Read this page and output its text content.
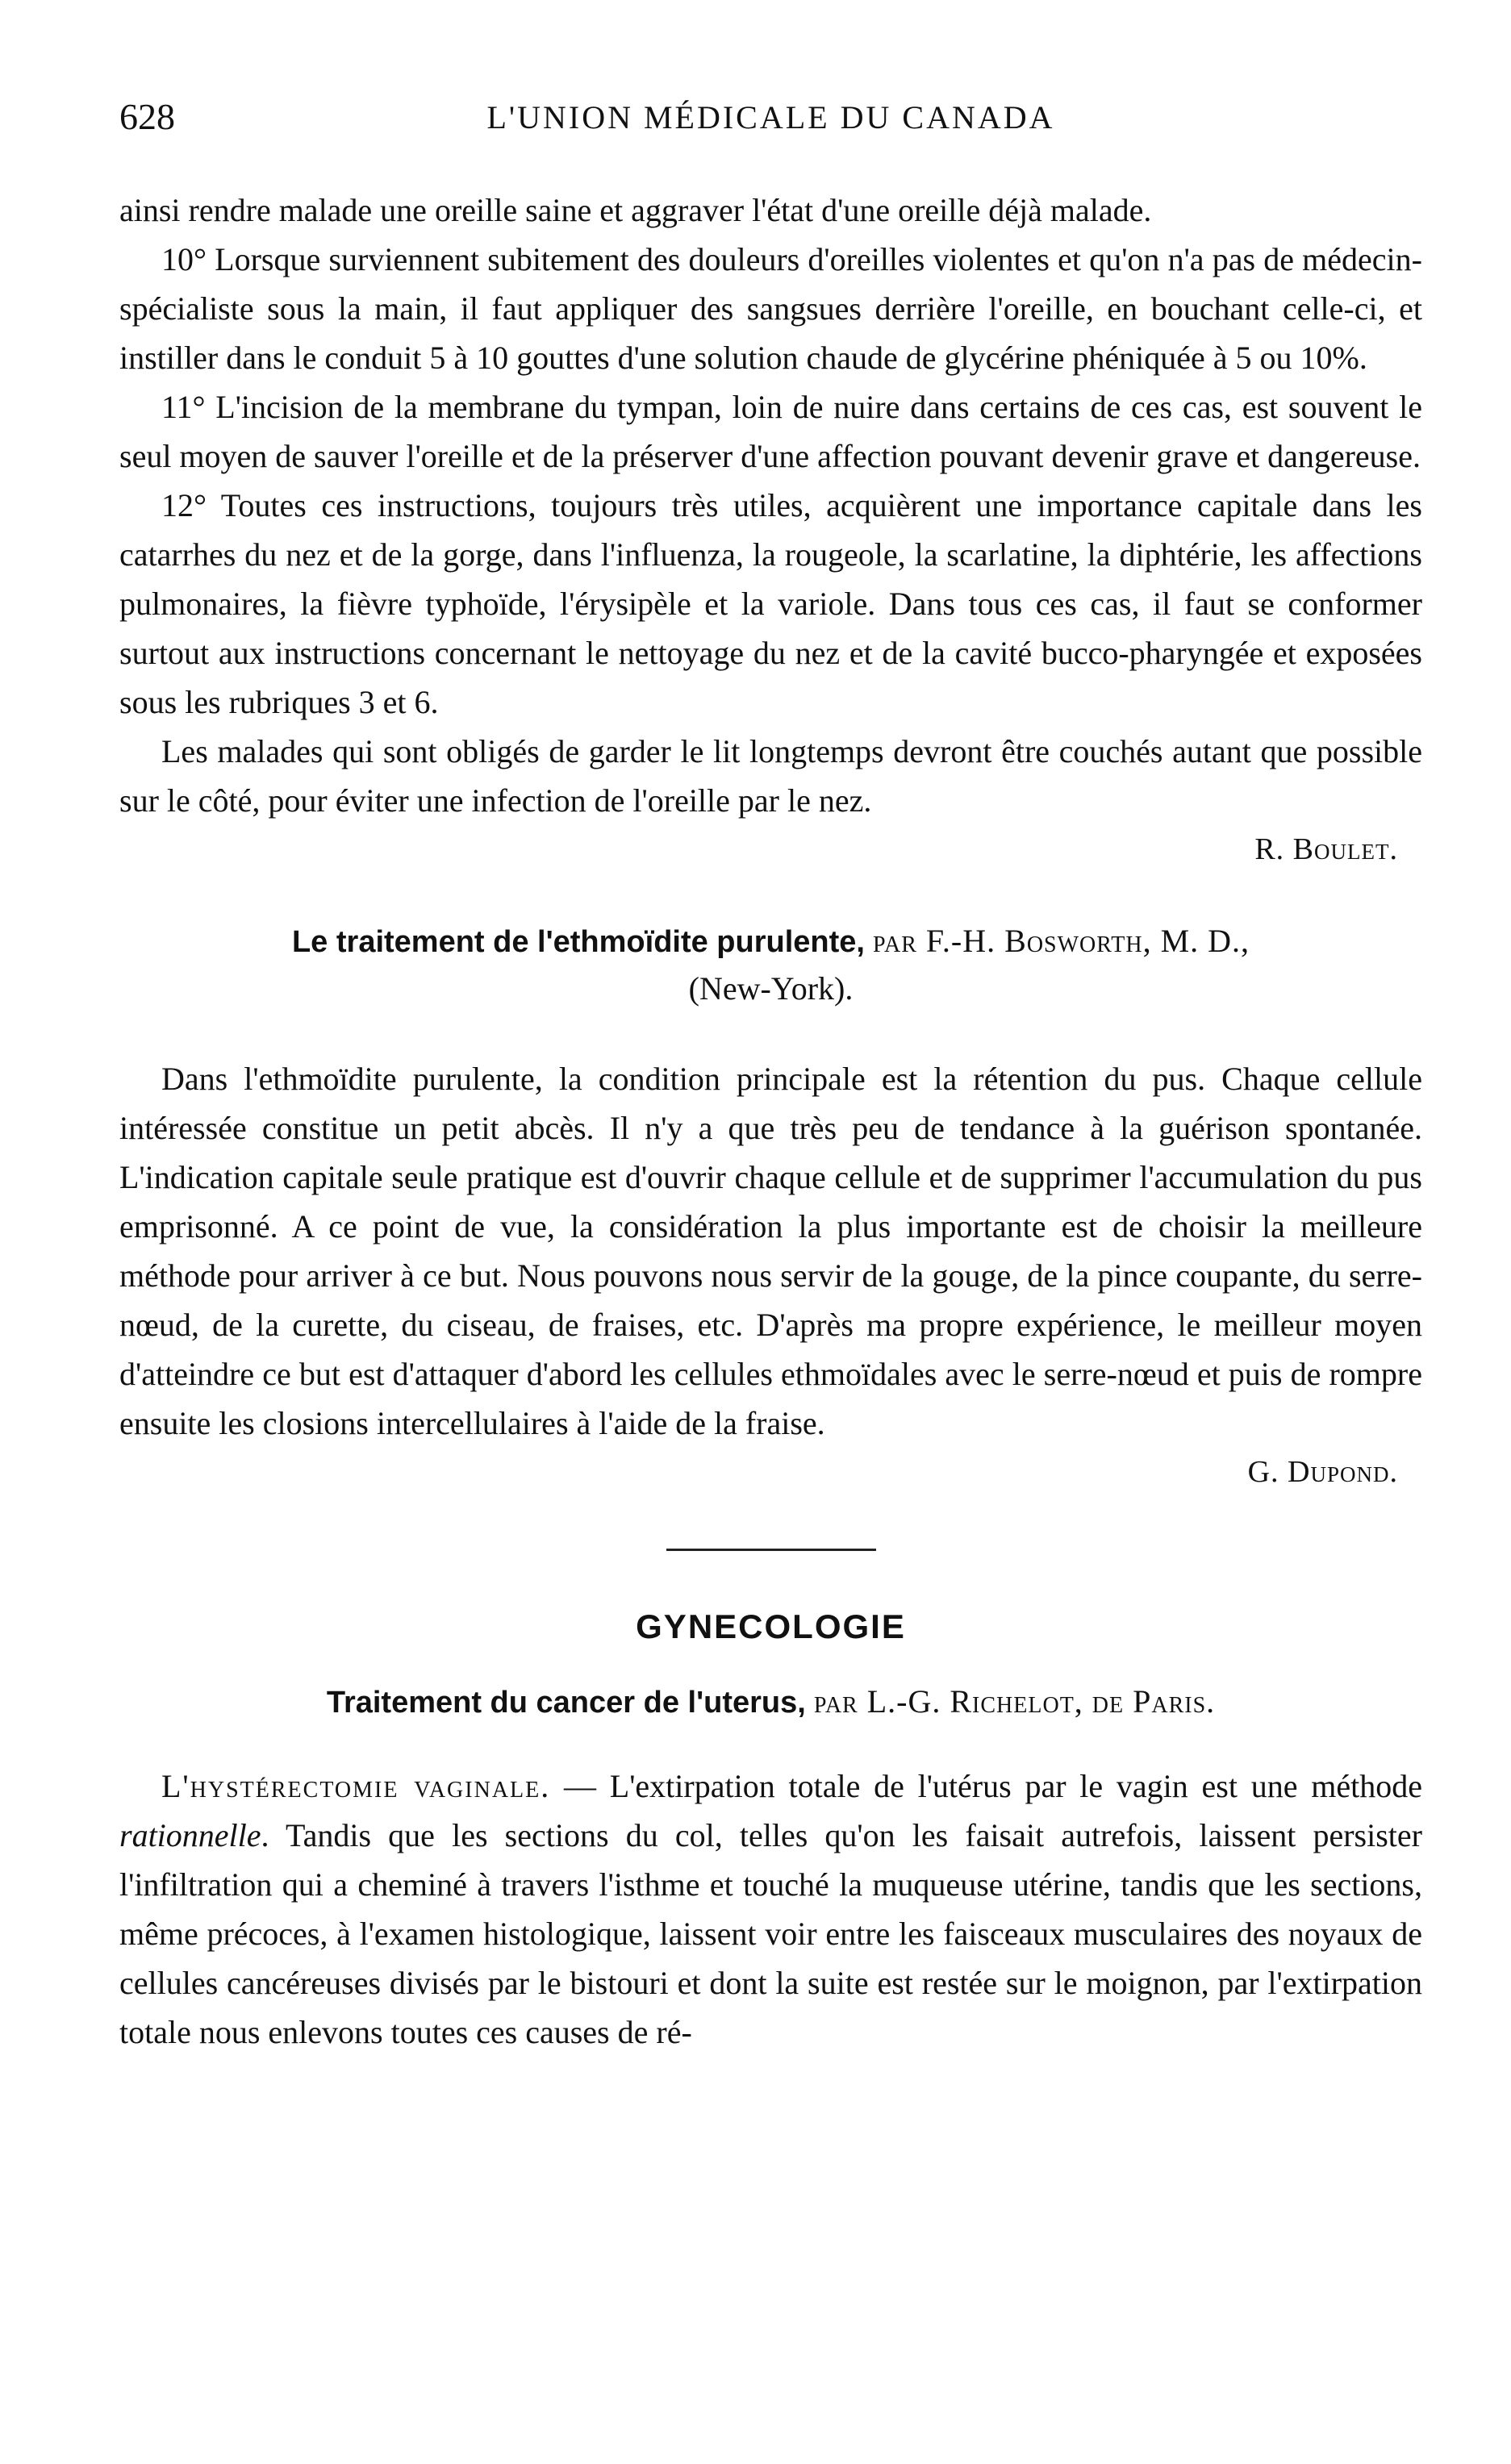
628	L'UNION MÉDICALE DU CANADA

ainsi rendre malade une oreille saine et aggraver l'état d'une oreille déjà malade.

10° Lorsque surviennent subitement des douleurs d'oreilles violentes et qu'on n'a pas de médecin-spécialiste sous la main, il faut appliquer des sangsues derrière l'oreille, en bouchant celle-ci, et instiller dans le conduit 5 à 10 gouttes d'une solution chaude de glycérine phéniquée à 5 ou 10%.

11° L'incision de la membrane du tympan, loin de nuire dans certains de ces cas, est souvent le seul moyen de sauver l'oreille et de la préserver d'une affection pouvant devenir grave et dangereuse.

12° Toutes ces instructions, toujours très utiles, acquièrent une importance capitale dans les catarrhes du nez et de la gorge, dans l'influenza, la rougeole, la scarlatine, la diphtérie, les affections pulmonaires, la fièvre typhoïde, l'érysipèle et la variole. Dans tous ces cas, il faut se conformer surtout aux instructions concernant le nettoyage du nez et de la cavité bucco-pharyngée et exposées sous les rubriques 3 et 6.

Les malades qui sont obligés de garder le lit longtemps devront être couchés autant que possible sur le côté, pour éviter une infection de l'oreille par le nez.

R. Boulet.
Le traitement de l'ethmoïdite purulente, par F.-H. Bosworth, M. D.,
(New-York).

Dans l'ethmoïdite purulente, la condition principale est la rétention du pus. Chaque cellule intéressée constitue un petit abcès. Il n'y a que très peu de tendance à la guérison spontanée. L'indication capitale seule pratique est d'ouvrir chaque cellule et de supprimer l'accumulation du pus emprisonné. A ce point de vue, la considération la plus importante est de choisir la meilleure méthode pour arriver à ce but. Nous pouvons nous servir de la gouge, de la pince coupante, du serre-nœud, de la curette, du ciseau, de fraises, etc. D'après ma propre expérience, le meilleur moyen d'atteindre ce but est d'attaquer d'abord les cellules ethmoïdales avec le serre-nœud et puis de rompre ensuite les closions intercellulaires à l'aide de la fraise.

G. Dupond.
GYNECOLOGIE
Traitement du cancer de l'uterus, par L.-G. Richelot, de Paris.

L'hystérectomie vaginale. — L'extirpation totale de l'utérus par le vagin est une méthode rationnelle. Tandis que les sections du col, telles qu'on les faisait autrefois, laissent persister l'infiltration qui a cheminé à travers l'isthme et touché la muqueuse utérine, tandis que les sections, même précoces, à l'examen histologique, laissent voir entre les faisceaux musculaires des noyaux de cellules cancéreuses divisés par le bistouri et dont la suite est restée sur le moignon, par l'extirpation totale nous enlevons toutes ces causes de ré-
